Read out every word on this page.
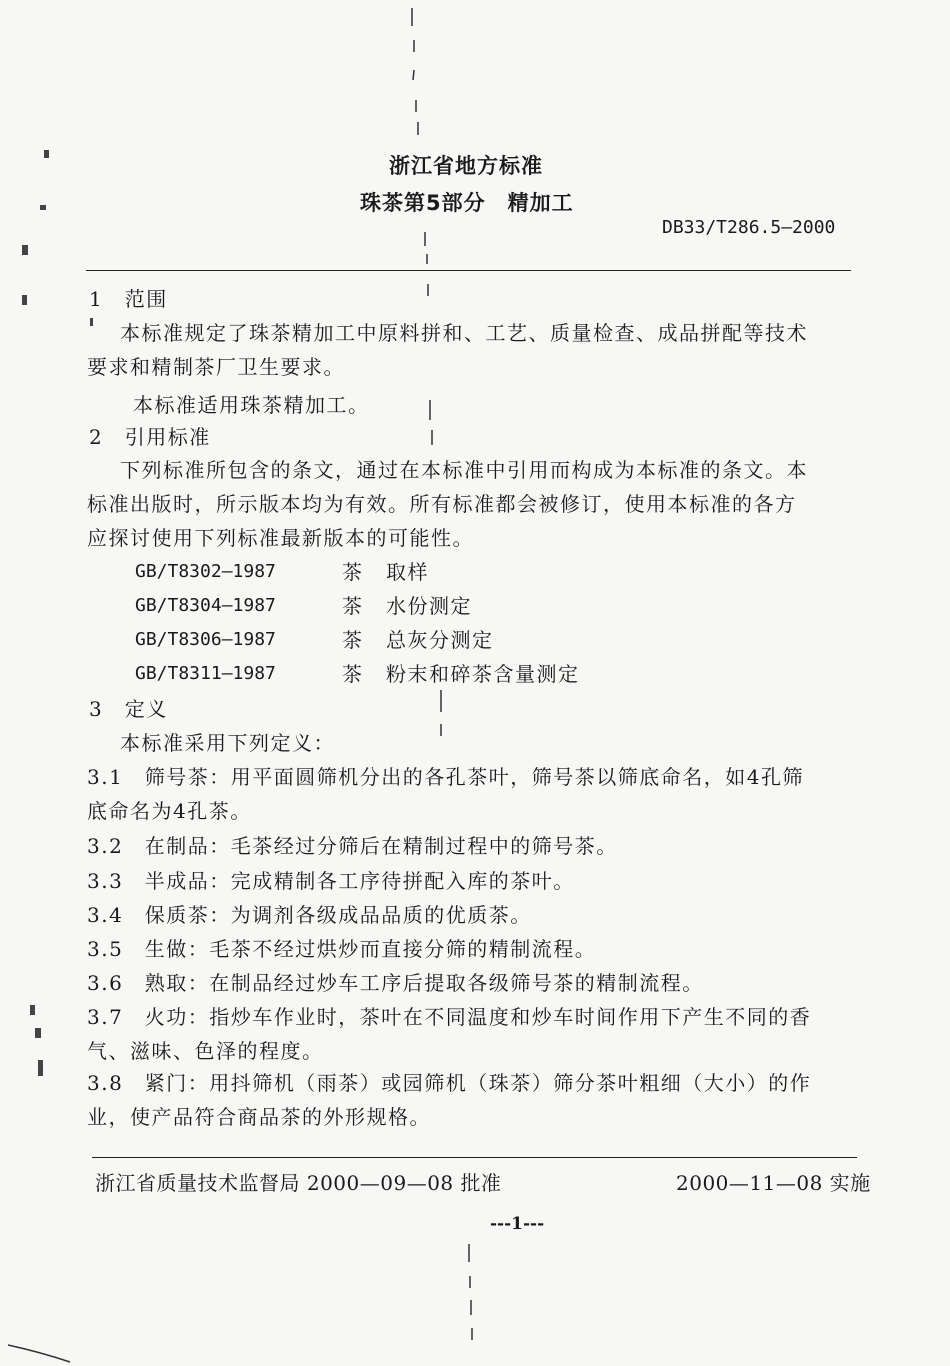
浙江省地方标准
珠茶第5部分　精加工
DB33/T286.5—2000
1　范围
本标准规定了珠茶精加工中原料拼和、工艺、质量检查、成品拼配等技术
要求和精制茶厂卫生要求。
本标准适用珠茶精加工。
2　引用标准
下列标准所包含的条文，通过在本标准中引用而构成为本标准的条文。本
标准出版时，所示版本均为有效。所有标准都会被修订，使用本标准的各方
应探讨使用下列标准最新版本的可能性。
GB/T8302—1987	茶 取样
GB/T8304—1987	茶 水份测定
GB/T8306—1987	茶 总灰分测定
GB/T8311—1987	茶 粉末和碎茶含量测定
3　定义
本标准采用下列定义：
3.1　筛号茶：用平面圆筛机分出的各孔茶叶，筛号茶以筛底命名，如4孔筛
底命名为4孔茶。
3.2　在制品：毛茶经过分筛后在精制过程中的筛号茶。
3.3　半成品：完成精制各工序待拼配入库的茶叶。
3.4　保质茶：为调剂各级成品品质的优质茶。
3.5　生做：毛茶不经过烘炒而直接分筛的精制流程。
3.6　熟取：在制品经过炒车工序后提取各级筛号茶的精制流程。
3.7　火功：指炒车作业时，茶叶在不同温度和炒车时间作用下产生不同的香
气、滋味、色泽的程度。
3.8　紧门：用抖筛机（雨茶）或园筛机（珠茶）筛分茶叶粗细（大小）的作
业，使产品符合商品茶的外形规格。
浙江省质量技术监督局 2000—09—08 批准	2000—11—08 实施
---1---
